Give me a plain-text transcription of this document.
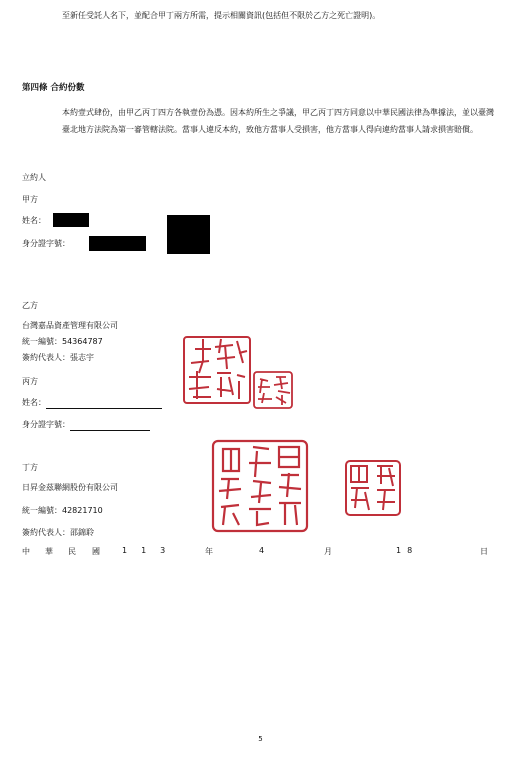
至新任受託人名下，並配合甲丁兩方所需，提示相關資訊(包括但不限於乙方之死亡證明)。
第四條 合約份數
本約壹式肆份，由甲乙丙丁四方各執壹份為憑。因本約所生之爭議，甲乙丙丁四方同意以中華民國法律為準據法，並以臺灣臺北地方法院為第一審管轄法院。當事人違反本約，致他方當事人受損害，他方當事人得向違約當事人請求損害賠償。
立約人
甲方
姓名：
身分證字號：
乙方
台灣嘉品資產管理有限公司
統一編號：54364787
簽約代表人：張志宇
丙方
姓名：
身分證字號：
丁方
日昇金茲聯網股份有限公司
統一編號：42821710
簽約代表人：邵錦聆
中 華 民 國	113	年	4	月	18	日
5
